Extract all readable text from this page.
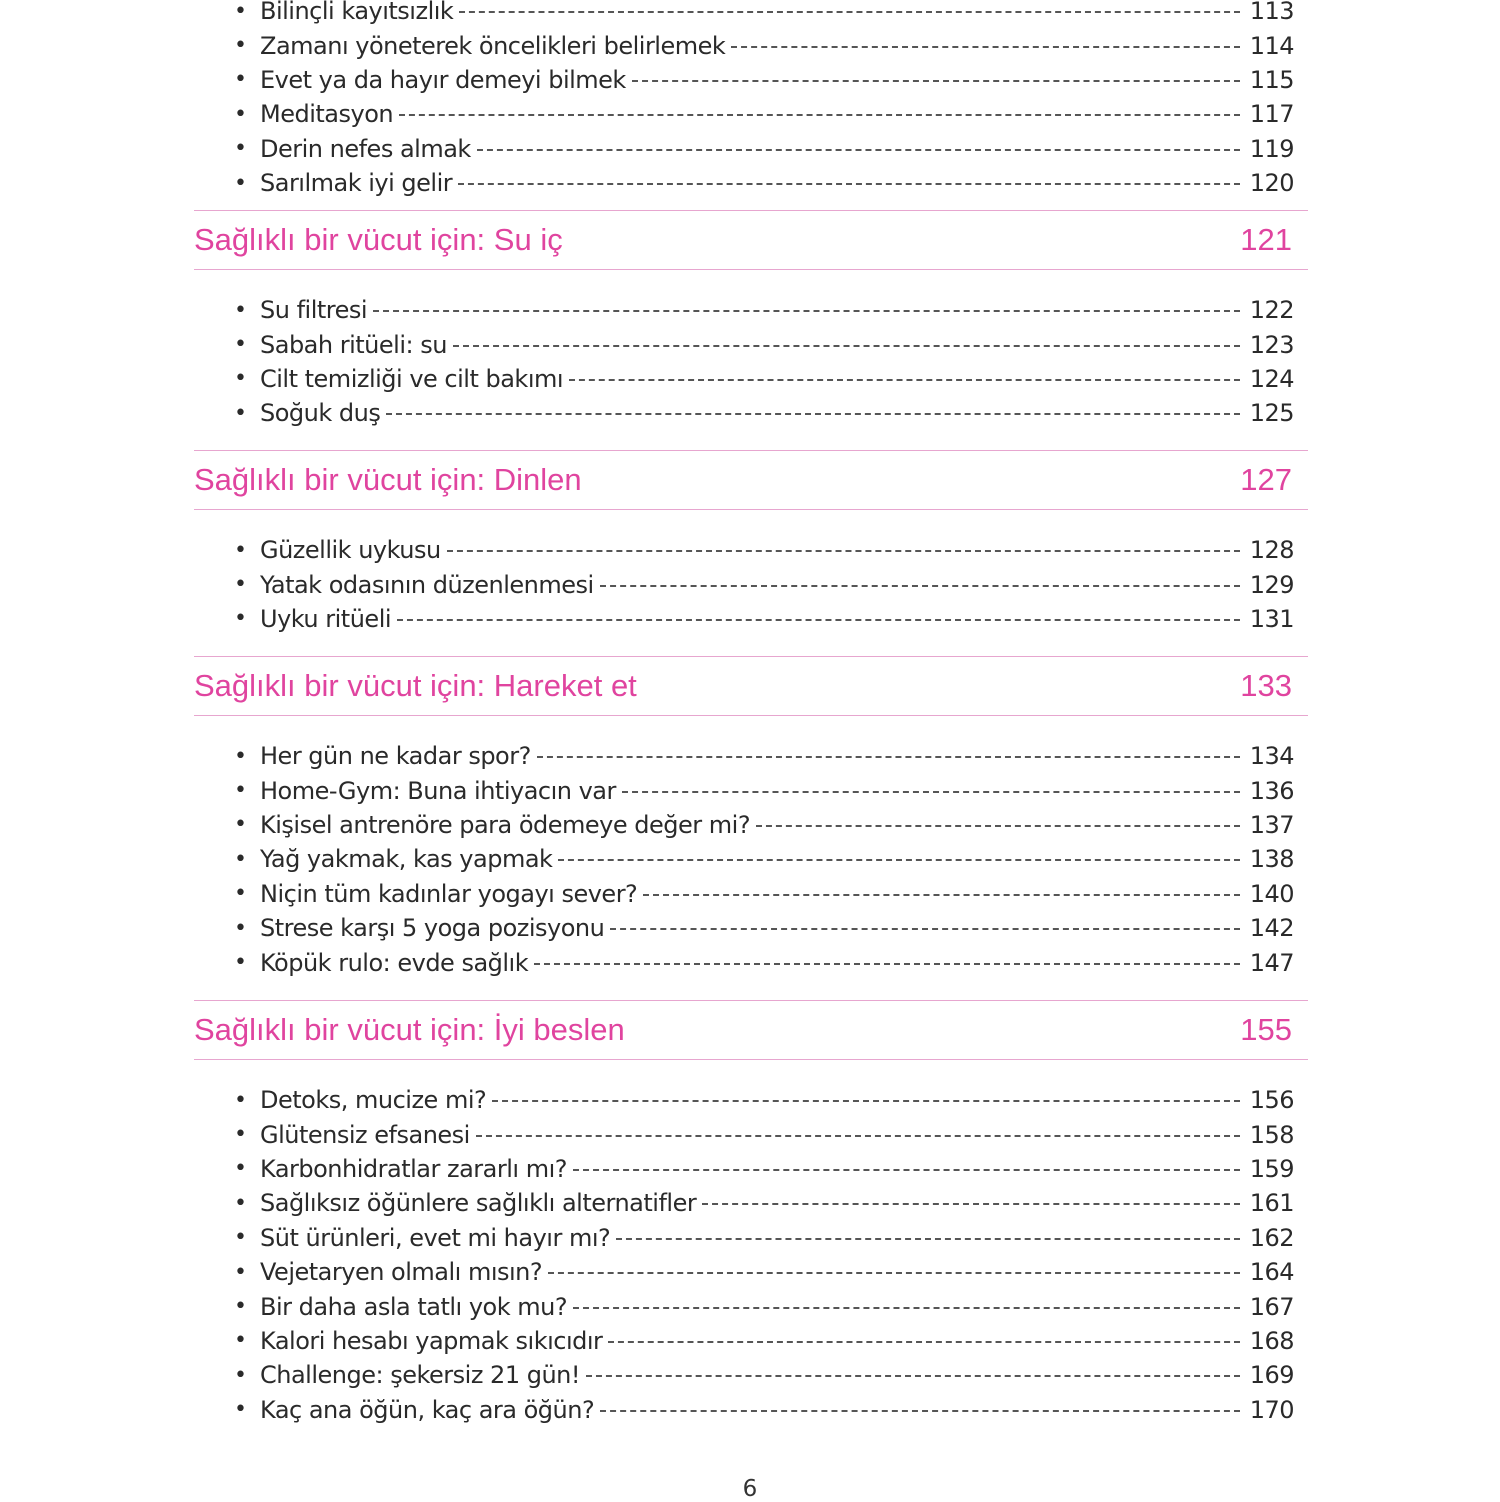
• Bilinçli kayıtsızlık	113
• Zamanı yöneterek öncelikleri belirlemek	114
• Evet ya da hayır demeyi bilmek	115
• Meditasyon	117
• Derin nefes almak	119
• Sarılmak iyi gelir	120
Sağlıklı bir vücut için: Su iç	121
• Su filtresi	122
• Sabah ritüeli: su	123
• Cilt temizliği ve cilt bakımı	124
• Soğuk duş	125
Sağlıklı bir vücut için: Dinlen	127
• Güzellik uykusu	128
• Yatak odasının düzenlenmesi	129
• Uyku ritüeli	131
Sağlıklı bir vücut için: Hareket et	133
• Her gün ne kadar spor?	134
• Home-Gym: Buna ihtiyacın var	136
• Kişisel antrenöre para ödemeye değer mi?	137
• Yağ yakmak, kas yapmak	138
• Niçin tüm kadınlar yogayı sever?	140
• Strese karşı 5 yoga pozisyonu	142
• Köpük rulo: evde sağlık	147
Sağlıklı bir vücut için: İyi beslen	155
• Detoks, mucize mi?	156
• Glütensiz efsanesi	158
• Karbonhidratlar zararlı mı?	159
• Sağlıksız öğünlere sağlıklı alternatifler	161
• Süt ürünleri, evet mi hayır mı?	162
• Vejetaryen olmalı mısın?	164
• Bir daha asla tatlı yok mu?	167
• Kalori hesabı yapmak sıkıcıdır	168
• Challenge: şekersiz 21 gün!	169
• Kaç ana öğün, kaç ara öğün?	170
6
